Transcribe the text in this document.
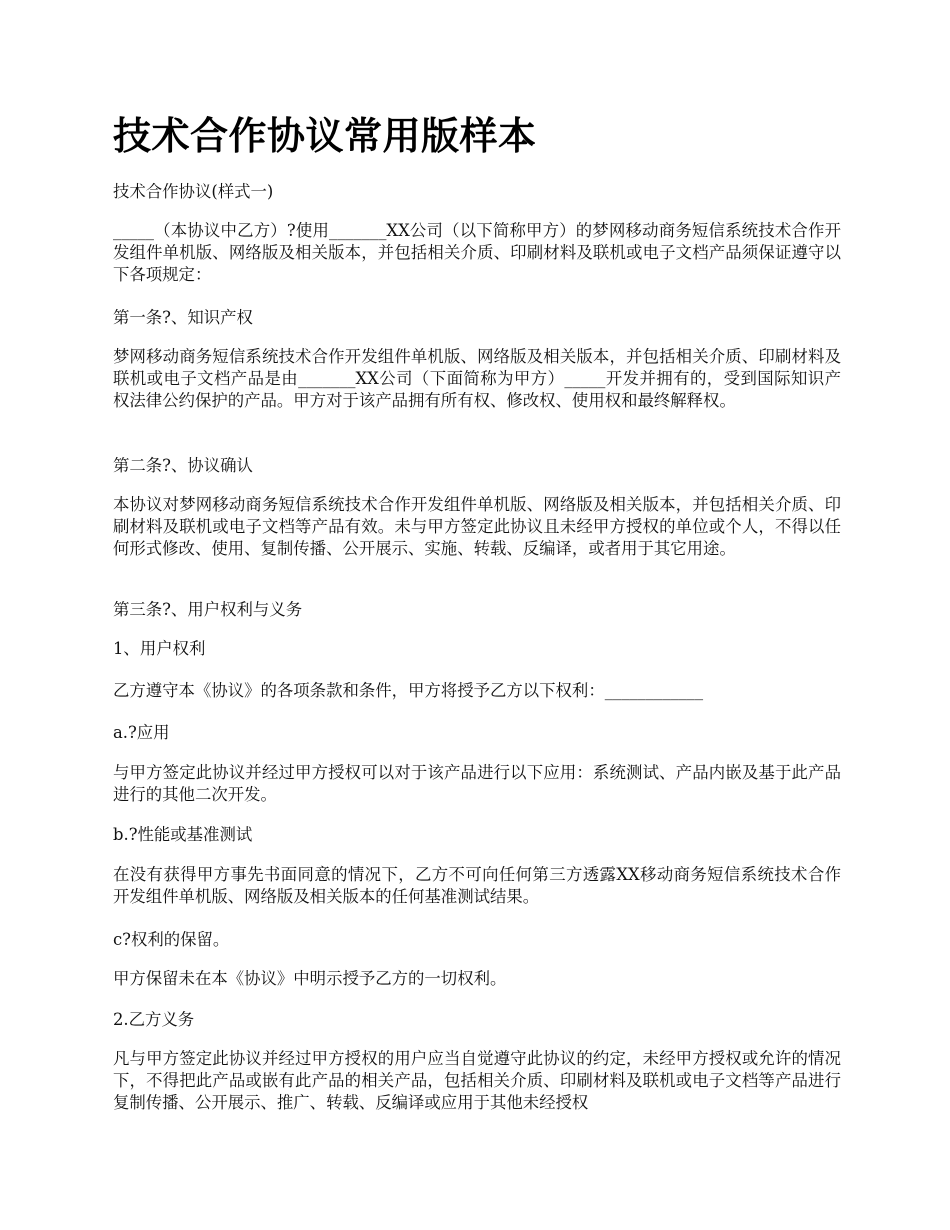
技术合作协议常用版样本

技术合作协议(样式一)

_____（本协议中乙方）?使用_______XX公司（以下简称甲方）的梦网移动商务短信系统技术合作开发组件单机版、网络版及相关版本，并包括相关介质、印刷材料及联机或电子文档产品须保证遵守以下各项规定：

第一条?、知识产权

梦网移动商务短信系统技术合作开发组件单机版、网络版及相关版本，并包括相关介质、印刷材料及联机或电子文档产品是由_______XX公司（下面简称为甲方）_____开发并拥有的，受到国际知识产权法律公约保护的产品。甲方对于该产品拥有所有权、修改权、使用权和最终解释权。

第二条?、协议确认

本协议对梦网移动商务短信系统技术合作开发组件单机版、网络版及相关版本，并包括相关介质、印刷材料及联机或电子文档等产品有效。未与甲方签定此协议且未经甲方授权的单位或个人，不得以任何形式修改、使用、复制传播、公开展示、实施、转载、反编译，或者用于其它用途。

第三条?、用户权利与义务

1、用户权利

乙方遵守本《协议》的各项条款和条件，甲方将授予乙方以下权利：____________

a.?应用

与甲方签定此协议并经过甲方授权可以对于该产品进行以下应用：系统测试、产品内嵌及基于此产品进行的其他二次开发。

b.?性能或基准测试

在没有获得甲方事先书面同意的情况下，乙方不可向任何第三方透露XX移动商务短信系统技术合作开发组件单机版、网络版及相关版本的任何基准测试结果。

c?权利的保留。

甲方保留未在本《协议》中明示授予乙方的一切权利。

2.乙方义务

凡与甲方签定此协议并经过甲方授权的用户应当自觉遵守此协议的约定，未经甲方授权或允许的情况下，不得把此产品或嵌有此产品的相关产品，包括相关介质、印刷材料及联机或电子文档等产品进行复制传播、公开展示、推广、转载、反编译或应用于其他未经授权
